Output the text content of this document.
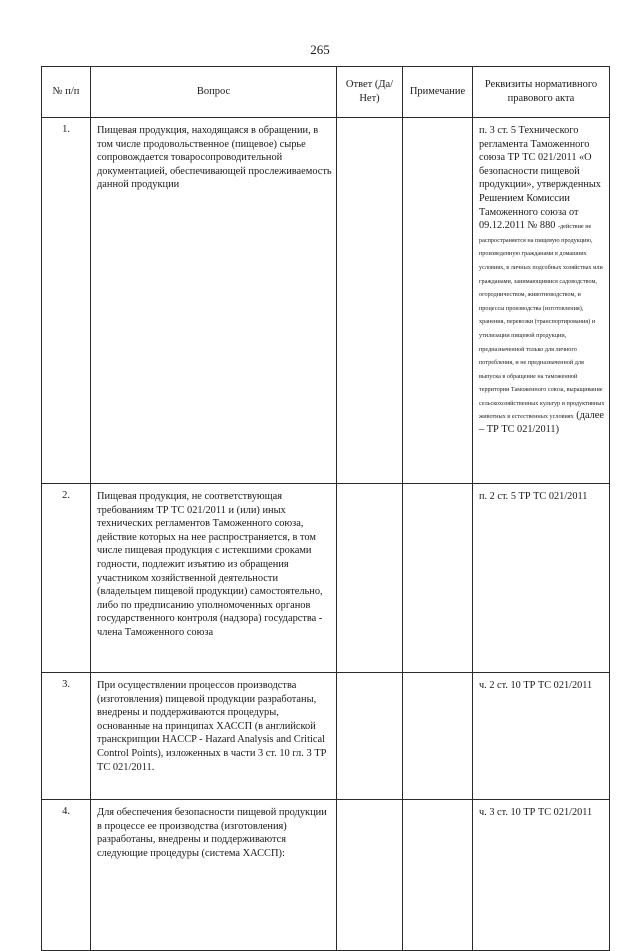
265
№ п/п	Вопрос	Ответ (Да/Нет)	Примечание	Реквизиты нормативного правового акта
1.	Пищевая продукция, находящаяся в обращении, в том числе продовольственное (пищевое) сырье сопровождается товаросопроводительной документацией, обеспечивающей прослеживаемость данной продукции			п. 3 ст. 5 Технического регламента Таможенного союза ТР ТС 021/2011 «О безопасности пищевой продукции», утвержденных Решением Комиссии Таможенного союза от 09.12.2011 № 880 -действие не распространяется на пищевую продукцию, произведенную гражданами в домашних условиях, в личных подсобных хозяйствах или гражданами, занимающимися садоводством, огородничеством, животноводством, и процессы производства (изготовления), хранения, перевозки (транспортирования) и утилизации пищевой продукции, предназначенной только для личного потребления, и не предназначенной для выпуска в обращение на таможенной территории Таможенного союза, выращивание сельскохозяйственных культур и продуктивных животных в естественных условиях (далее – ТР ТС 021/2011)
2.	Пищевая продукция, не соответствующая требованиям ТР ТС 021/2011 и (или) иных технических регламентов Таможенного союза, действие которых на нее распространяется, в том числе пищевая продукция с истекшими сроками годности, подлежит изъятию из обращения участником хозяйственной деятельности (владельцем пищевой продукции) самостоятельно, либо по предписанию уполномоченных органов государственного контроля (надзора) государства - члена Таможенного союза			п. 2 ст. 5 ТР ТС 021/2011
3.	При осуществлении процессов производства (изготовления) пищевой продукции разработаны, внедрены и поддерживаются процедуры, основанные на принципах ХАССП (в английской транскрипции HACCP - Hazard Analysis and Critical Control Points), изложенных в части 3 ст. 10 гл. 3 ТР ТС 021/2011.			ч. 2 ст. 10 ТР ТС 021/2011
4.	Для обеспечения безопасности пищевой продукции в процессе ее производства (изготовления) разработаны, внедрены и поддерживаются следующие процедуры (система ХАССП):			ч. 3 ст. 10 ТР ТС 021/2011
